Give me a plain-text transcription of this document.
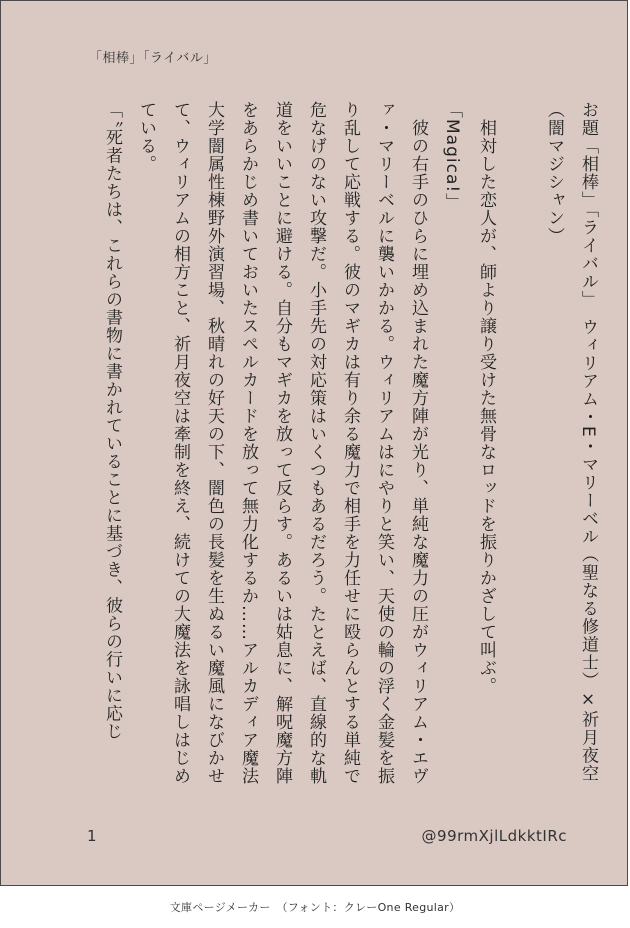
「相棒」「ライバル」

お題「相棒」「ライバル」　ウィリアム・E・マリーベル（聖なる修道士）×祈月夜空（闇マジシャン）

　相対した恋人が、師より譲り受けた無骨なロッドを振りかざして叫ぶ。

「Magica!」

　彼の右手のひらに埋め込まれた魔方陣が光り、単純な魔力の圧がウィリアム・エヴァ・マリーベルに襲いかかる。ウィリアムはにやりと笑い、天使の輪の浮く金髪を振り乱して応戦する。彼のマギカは有り余る魔力で相手を力任せに殴らんとする単純で危なげのない攻撃だ。小手先の対応策はいくつもあるだろう。たとえば、直線的な軌道をいいことに避ける。自分もマギカを放って反らす。あるいは姑息に、解呪魔方陣をあらかじめ書いておいたスペルカードを放って無力化するか……アルカディア魔法大学闇属性棟野外演習場、秋晴れの好天の下、闇色の長髪を生ぬるい魔風になびかせて、ウィリアムの相方こと、祈月夜空は牽制を終え、続けての大魔法を詠唱しはじめている。

「〝死者たちは、これらの書物に書かれていることに基づき、彼らの行いに応じ

1	@99rmXjlLdkktIRc
文庫ページメーカー　（フォント：クレーOne Regular）
